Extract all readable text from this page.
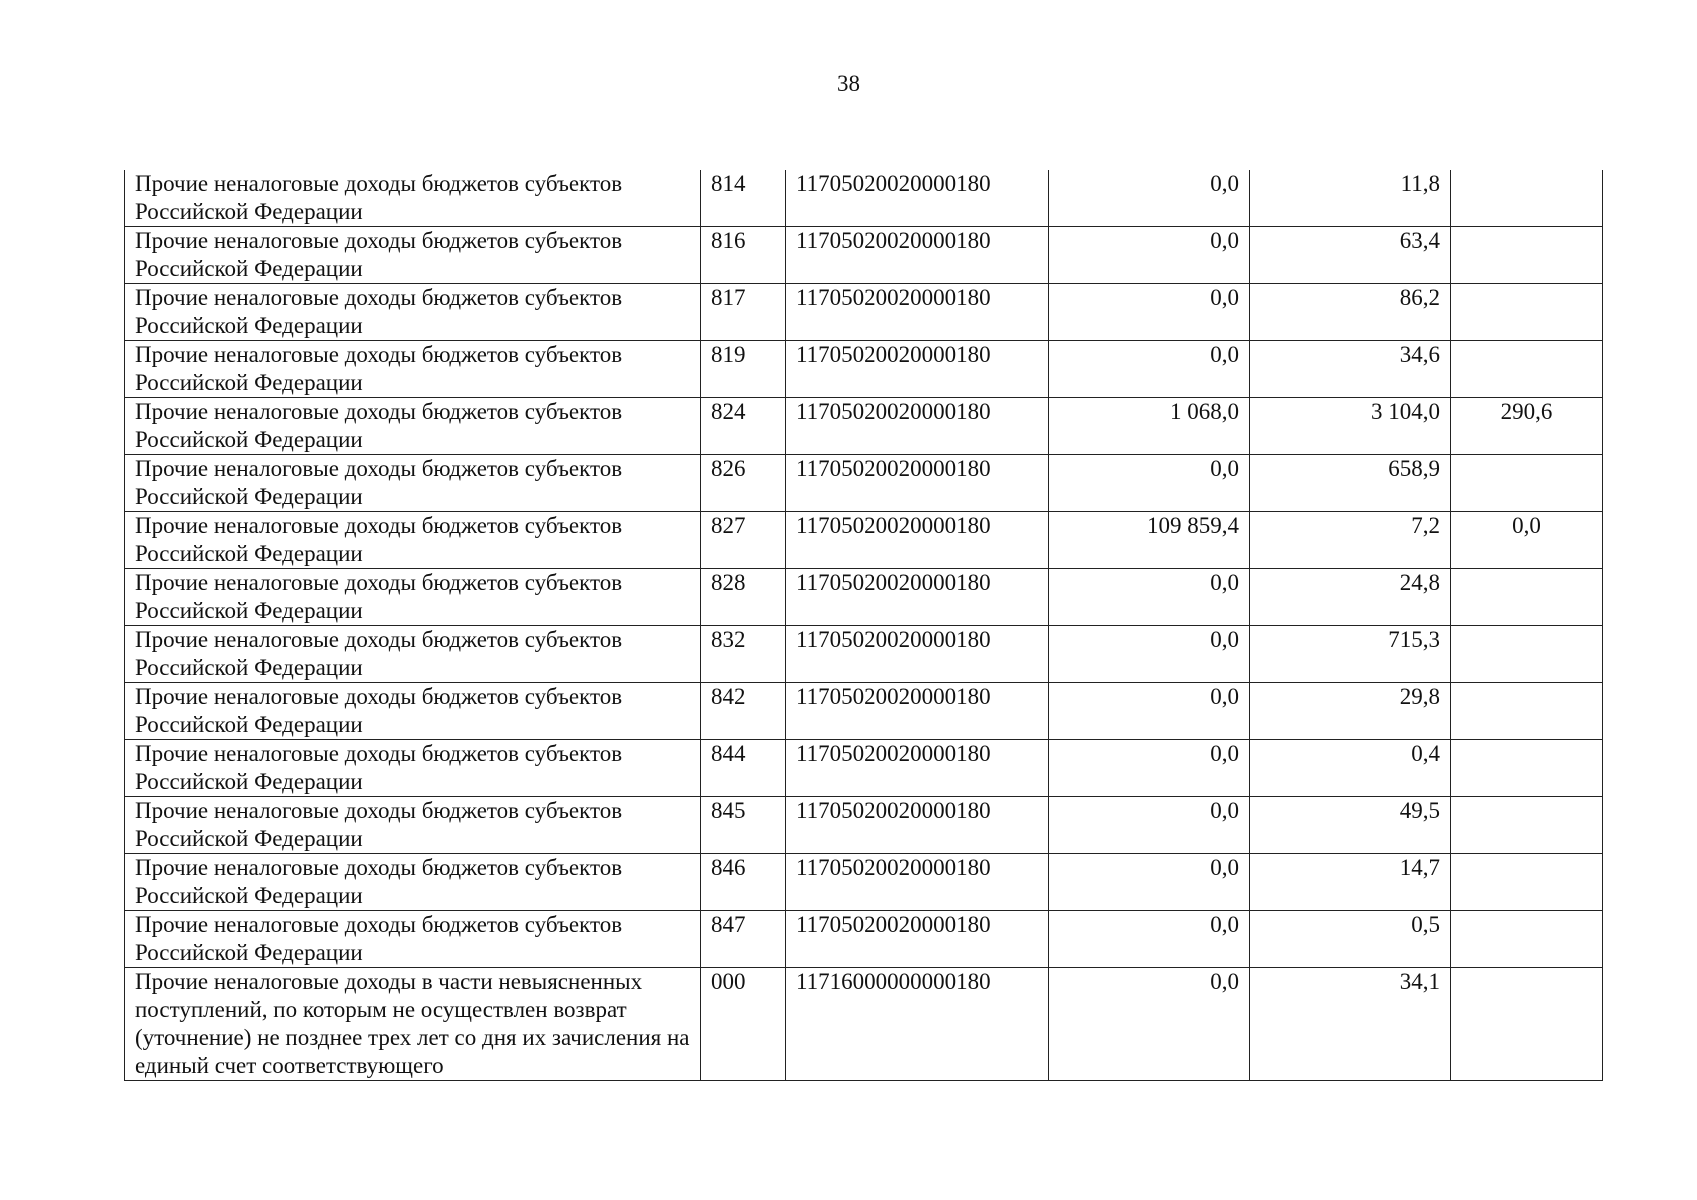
38
Прочие неналоговые доходы бюджетов субъектов Российской Федерации	814	11705020020000180	0,0	11,8	
Прочие неналоговые доходы бюджетов субъектов Российской Федерации	816	11705020020000180	0,0	63,4	
Прочие неналоговые доходы бюджетов субъектов Российской Федерации	817	11705020020000180	0,0	86,2	
Прочие неналоговые доходы бюджетов субъектов Российской Федерации	819	11705020020000180	0,0	34,6	
Прочие неналоговые доходы бюджетов субъектов Российской Федерации	824	11705020020000180	1 068,0	3 104,0	290,6
Прочие неналоговые доходы бюджетов субъектов Российской Федерации	826	11705020020000180	0,0	658,9	
Прочие неналоговые доходы бюджетов субъектов Российской Федерации	827	11705020020000180	109 859,4	7,2	0,0
Прочие неналоговые доходы бюджетов субъектов Российской Федерации	828	11705020020000180	0,0	24,8	
Прочие неналоговые доходы бюджетов субъектов Российской Федерации	832	11705020020000180	0,0	715,3	
Прочие неналоговые доходы бюджетов субъектов Российской Федерации	842	11705020020000180	0,0	29,8	
Прочие неналоговые доходы бюджетов субъектов Российской Федерации	844	11705020020000180	0,0	0,4	
Прочие неналоговые доходы бюджетов субъектов Российской Федерации	845	11705020020000180	0,0	49,5	
Прочие неналоговые доходы бюджетов субъектов Российской Федерации	846	11705020020000180	0,0	14,7	
Прочие неналоговые доходы бюджетов субъектов Российской Федерации	847	11705020020000180	0,0	0,5	
Прочие неналоговые доходы в части невыясненных поступлений, по которым не осуществлен возврат (уточнение) не позднее трех лет со дня их зачисления на единый счет соответствующего	000	11716000000000180	0,0	34,1	
